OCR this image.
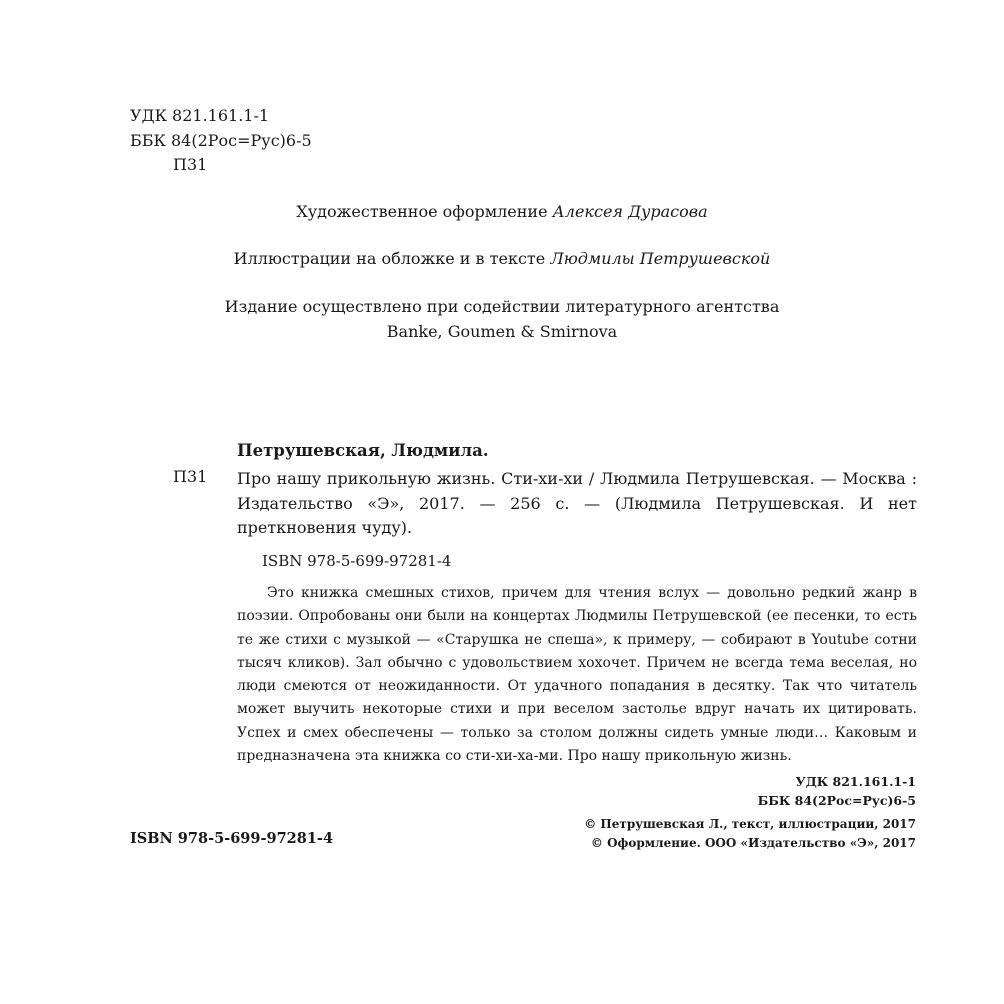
УДК 821.161.1-1
ББК 84(2Рос=Рус)6-5
П31
Художественное оформление Алексея Дурасова
Иллюстрации на обложке и в тексте Людмилы Петрушевской
Издание осуществлено при содействии литературного агентства
Banke, Goumen & Smirnova
Петрушевская, Людмила.
П31 Про нашу прикольную жизнь. Сти-хи-хи / Людмила Петрушевская. — Москва : Издательство «Э», 2017. — 256 с. — (Людмила Петрушевская. И нет преткновения чуду).
ISBN 978-5-699-97281-4
Это книжка смешных стихов, причем для чтения вслух — довольно редкий жанр в поэзии. Опробованы они были на концертах Людмилы Петрушевской (ее песенки, то есть те же стихи с музыкой — «Старушка не спеша», к примеру, — собирают в Youtube сотни тысяч кликов). Зал обычно с удовольствием хохочет. Причем не всегда тема веселая, но люди смеются от неожиданности. От удачного попадания в десятку. Так что читатель может выучить некоторые стихи и при веселом застолье вдруг начать их цитировать. Успех и смех обеспечены — только за столом должны сидеть умные люди… Каковым и предназначена эта книжка со сти-хи-ха-ми. Про нашу прикольную жизнь.
УДК 821.161.1-1
ББК 84(2Рос=Рус)6-5
ISBN 978-5-699-97281-4
© Петрушевская Л., текст, иллюстрации, 2017
© Оформление. ООО «Издательство «Э», 2017
